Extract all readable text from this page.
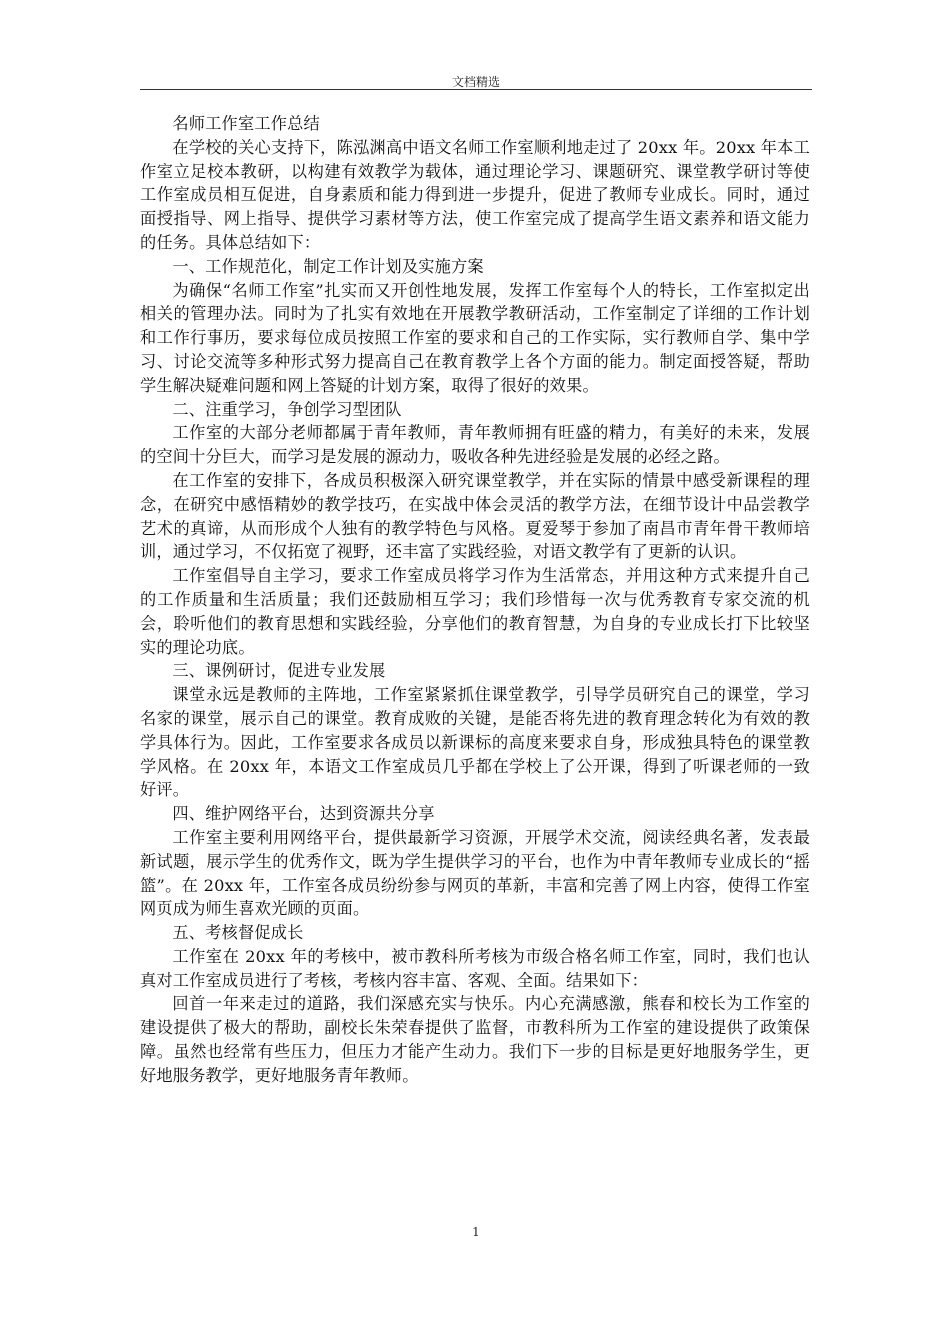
文档精选

名师工作室工作总结

在学校的关心支持下，陈泓渊高中语文名师工作室顺利地走过了 20xx 年。20xx 年本工作室立足校本教研，以构建有效教学为载体，通过理论学习、课题研究、课堂教学研讨等使工作室成员相互促进，自身素质和能力得到进一步提升，促进了教师专业成长。同时，通过面授指导、网上指导、提供学习素材等方法，使工作室完成了提高学生语文素养和语文能力的任务。具体总结如下：

一、工作规范化，制定工作计划及实施方案

为确保“名师工作室”扎实而又开创性地发展，发挥工作室每个人的特长，工作室拟定出相关的管理办法。同时为了扎实有效地在开展教学教研活动，工作室制定了详细的工作计划和工作行事历，要求每位成员按照工作室的要求和自己的工作实际，实行教师自学、集中学习、讨论交流等多种形式努力提高自己在教育教学上各个方面的能力。制定面授答疑，帮助学生解决疑难问题和网上答疑的计划方案，取得了很好的效果。

二、注重学习，争创学习型团队

工作室的大部分老师都属于青年教师，青年教师拥有旺盛的精力，有美好的未来，发展的空间十分巨大，而学习是发展的源动力，吸收各种先进经验是发展的必经之路。

在工作室的安排下，各成员积极深入研究课堂教学，并在实际的情景中感受新课程的理念，在研究中感悟精妙的教学技巧，在实战中体会灵活的教学方法，在细节设计中品尝教学艺术的真谛，从而形成个人独有的教学特色与风格。夏爱琴于参加了南昌市青年骨干教师培训，通过学习，不仅拓宽了视野，还丰富了实践经验，对语文教学有了更新的认识。

工作室倡导自主学习，要求工作室成员将学习作为生活常态，并用这种方式来提升自己的工作质量和生活质量；我们还鼓励相互学习；我们珍惜每一次与优秀教育专家交流的机会，聆听他们的教育思想和实践经验，分享他们的教育智慧，为自身的专业成长打下比较坚实的理论功底。

三、课例研讨，促进专业发展

课堂永远是教师的主阵地，工作室紧紧抓住课堂教学，引导学员研究自己的课堂，学习名家的课堂，展示自己的课堂。教育成败的关键，是能否将先进的教育理念转化为有效的教学具体行为。因此，工作室要求各成员以新课标的高度来要求自身，形成独具特色的课堂教学风格。在 20xx 年，本语文工作室成员几乎都在学校上了公开课，得到了听课老师的一致好评。

四、维护网络平台，达到资源共分享

工作室主要利用网络平台，提供最新学习资源，开展学术交流，阅读经典名著，发表最新试题，展示学生的优秀作文，既为学生提供学习的平台，也作为中青年教师专业成长的“摇篮”。在 20xx 年，工作室各成员纷纷参与网页的革新，丰富和完善了网上内容，使得工作室网页成为师生喜欢光顾的页面。

五、考核督促成长

工作室在 20xx 年的考核中，被市教科所考核为市级合格名师工作室，同时，我们也认真对工作室成员进行了考核，考核内容丰富、客观、全面。结果如下：

回首一年来走过的道路，我们深感充实与快乐。内心充满感激，熊春和校长为工作室的建设提供了极大的帮助，副校长朱荣春提供了监督，市教科所为工作室的建设提供了政策保障。虽然也经常有些压力，但压力才能产生动力。我们下一步的目标是更好地服务学生，更好地服务教学，更好地服务青年教师。

1
